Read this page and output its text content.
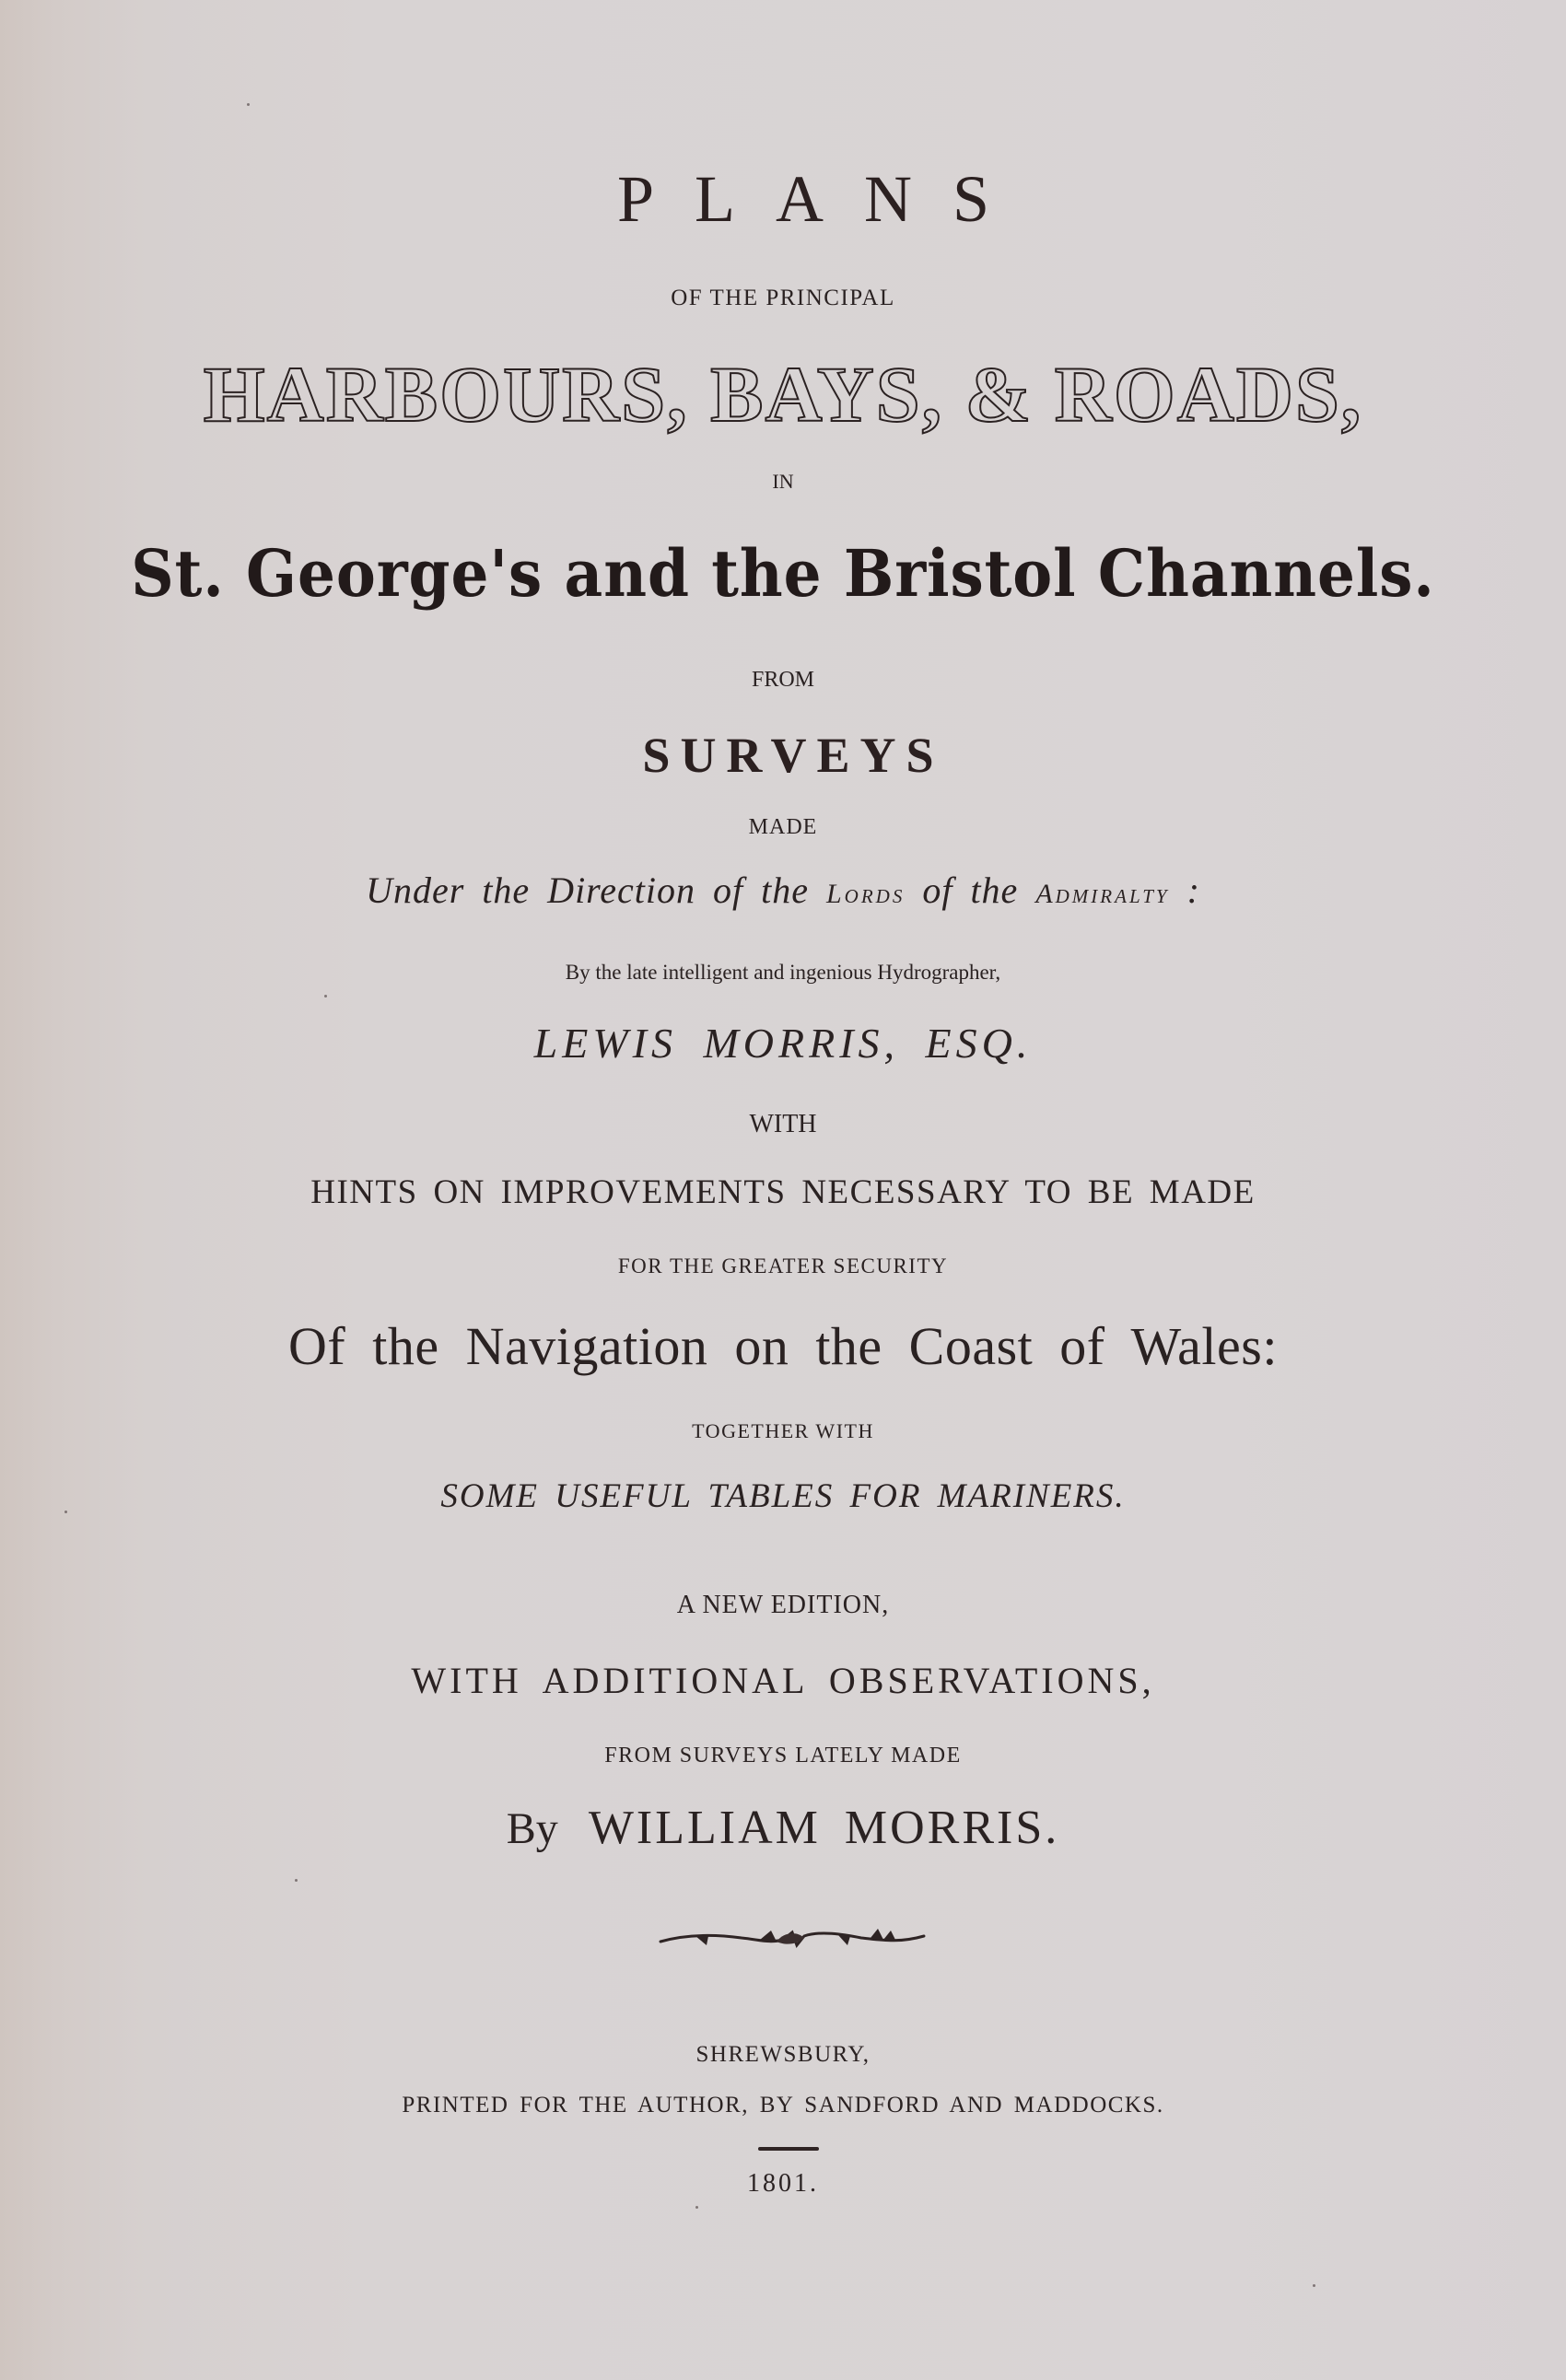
PLANS
OF THE PRINCIPAL
HARBOURS, BAYS, & ROADS,
IN
St. George's and the Bristol Channels.
FROM
SURVEYS
MADE
Under the Direction of the Lords of the Admiralty :
By the late intelligent and ingenious Hydrographer,
LEWIS MORRIS, ESQ.
WITH
HINTS ON IMPROVEMENTS NECESSARY TO BE MADE
FOR THE GREATER SECURITY
Of the Navigation on the Coast of Wales:
TOGETHER WITH
SOME USEFUL TABLES FOR MARINERS.
A NEW EDITION,
WITH ADDITIONAL OBSERVATIONS,
FROM SURVEYS LATELY MADE
By WILLIAM MORRIS.
SHREWSBURY,
PRINTED FOR THE AUTHOR, BY SANDFORD AND MADDOCKS.
1801.
